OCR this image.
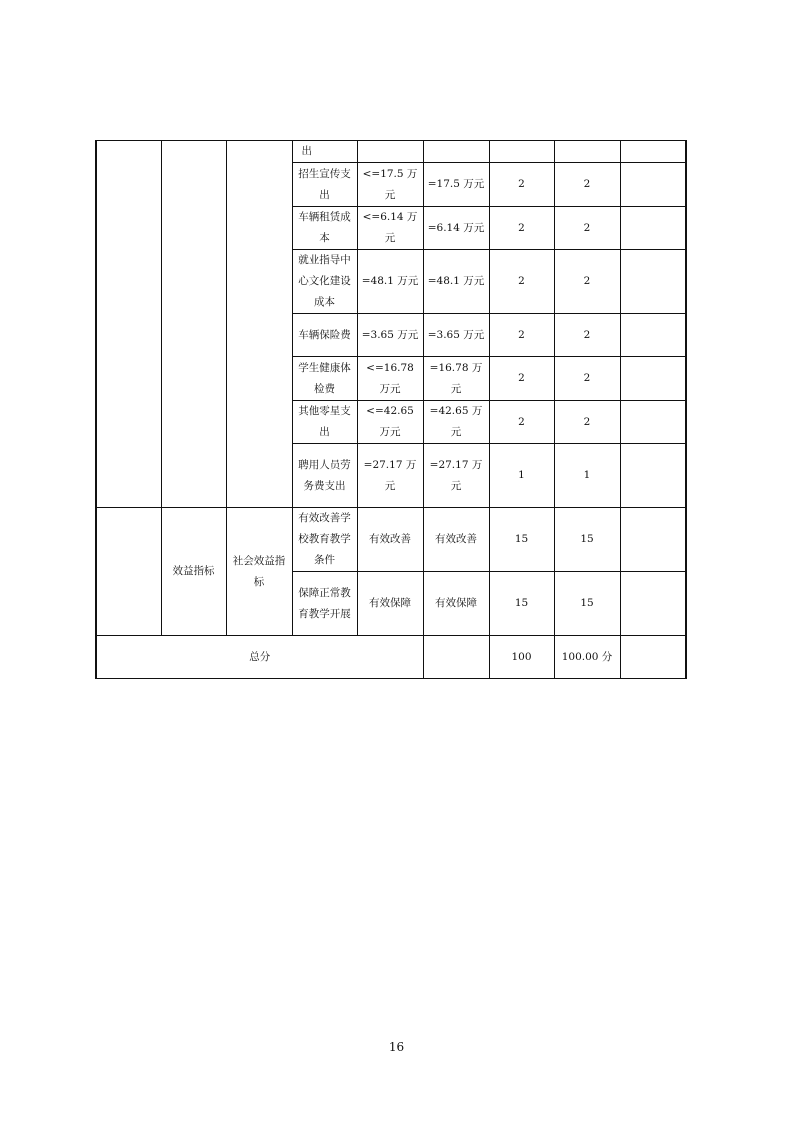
			出					
			招生宣传支出	<=17.5 万元	=17.5 万元	2	2	
			车辆租赁成本	<=6.14 万元	=6.14 万元	2	2	
			就业指导中心文化建设成本	=48.1 万元	=48.1 万元	2	2	
			车辆保险费	=3.65 万元	=3.65 万元	2	2	
			学生健康体检费	<=16.78 万元	=16.78 万元	2	2	
			其他零星支出	<=42.65 万元	=42.65 万元	2	2	
			聘用人员劳务费支出	=27.17 万元	=27.17 万元	1	1	
	效益指标	社会效益指标	有效改善学校教育教学条件	有效改善	有效改善	15	15	
			保障正常教育教学开展	有效保障	有效保障	15	15	
总分						100	100.00 分	
16
